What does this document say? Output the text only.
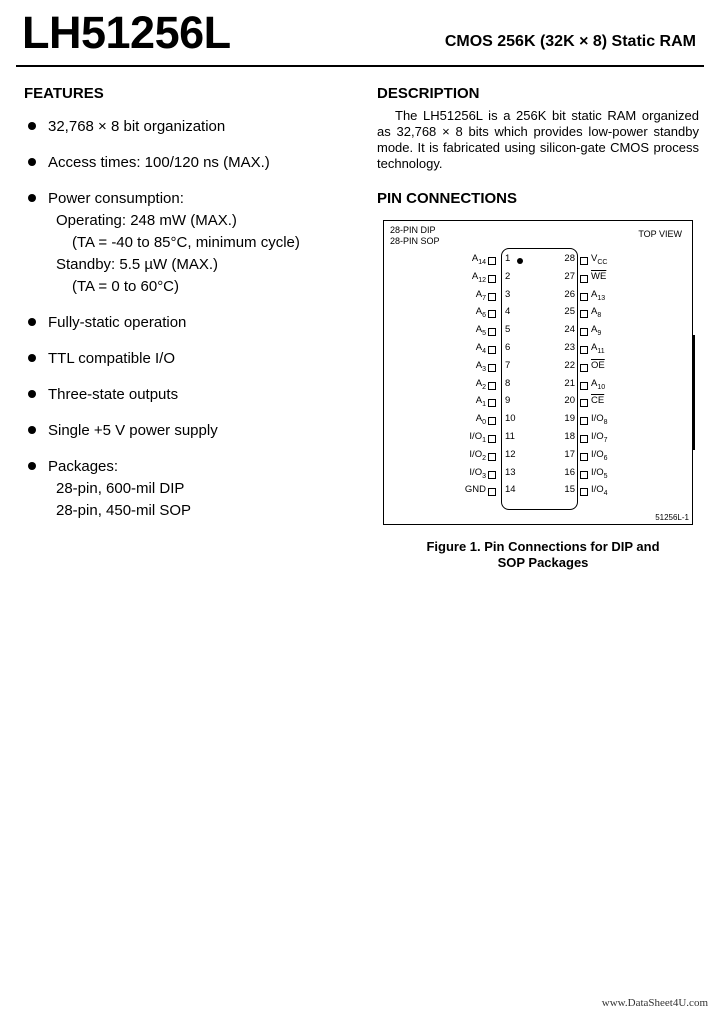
LH51256L	CMOS 256K (32K × 8) Static RAM
FEATURES
32,768 × 8 bit organization
Access times: 100/120 ns (MAX.)
Power consumption:
Operating: 248 mW (MAX.)
(TA = -40 to 85°C, minimum cycle)
Standby: 5.5 µW (MAX.)
(TA = 0 to 60°C)
Fully-static operation
TTL compatible I/O
Three-state outputs
Single +5 V power supply
Packages:
28-pin, 600-mil DIP
28-pin, 450-mil SOP
DESCRIPTION
The LH51256L is a 256K bit static RAM organized as 32,768 × 8 bits which provides low-power standby mode. It is fabricated using silicon-gate CMOS process technology.
PIN CONNECTIONS
28-PIN DIP
28-PIN SOP
TOP VIEW
$A_{14}$ 1
$A_{12}$ 2
$A_7$ 3
$A_6$ 4
$A_5$ 5
$A_4$ 6
$A_3$ 7
$A_2$ 8
$A_1$ 9
$A_0$ 10
$I/O_1$ 11
$I/O_2$ 12
$I/O_3$ 13
GND 14
28 $V_{CC}$
27 $\overline{WE}$
26 $A_{13}$
25 $A_8$
24 $A_9$
23 $A_{11}$
22 $\overline{OE}$
21 $A_{10}$
20 $\overline{CE}$
19 $I/O_8$
18 $I/O_7$
17 $I/O_6$
16 $I/O_5$
15 $I/O_4$
51256L-1
Figure 1. Pin Connections for DIP and
SOP Packages
www.DataSheet4U.com
